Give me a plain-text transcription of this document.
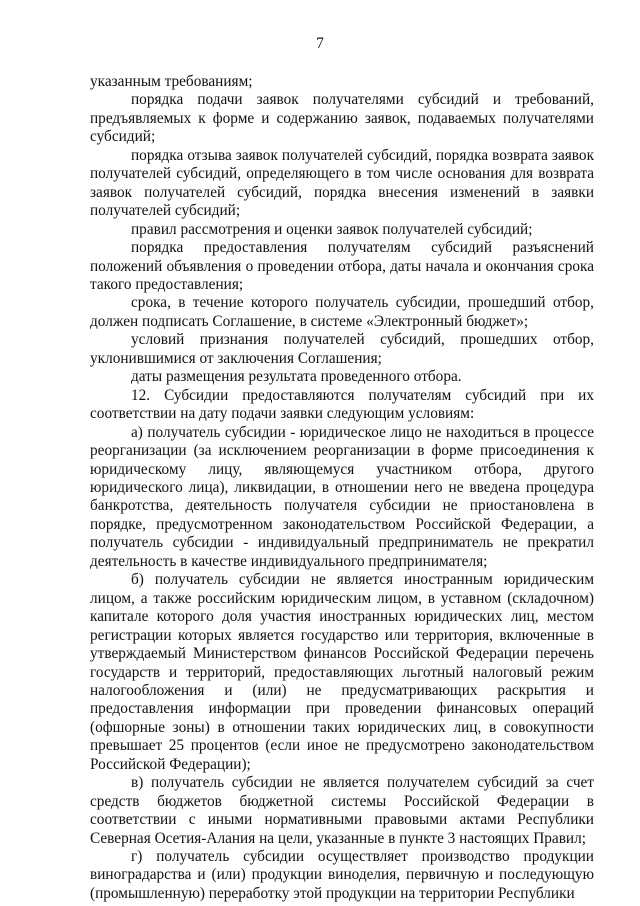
7

указанным требованиям;

порядка подачи заявок получателями субсидий и требований, предъявляемых к форме и содержанию заявок, подаваемых получателями субсидий;

порядка отзыва заявок получателей субсидий, порядка возврата заявок получателей субсидий, определяющего в том числе основания для возврата заявок получателей субсидий, порядка внесения изменений в заявки получателей субсидий;

правил рассмотрения и оценки заявок получателей субсидий;

порядка предоставления получателям субсидий разъяснений положений объявления о проведении отбора, даты начала и окончания срока такого предоставления;

срока, в течение которого получатель субсидии, прошедший отбор, должен подписать Соглашение, в системе «Электронный бюджет»;

условий признания получателей субсидий, прошедших отбор, уклонившимися от заключения Соглашения;

даты размещения результата проведенного отбора.

12. Субсидии предоставляются получателям субсидий при их соответствии на дату подачи заявки следующим условиям:

а) получатель субсидии - юридическое лицо не находиться в процессе реорганизации (за исключением реорганизации в форме присоединения к юридическому лицу, являющемуся участником отбора, другого юридического лица), ликвидации, в отношении него не введена процедура банкротства, деятельность получателя субсидии не приостановлена в порядке, предусмотренном законодательством Российской Федерации, а получатель субсидии - индивидуальный предприниматель не прекратил деятельность в качестве индивидуального предпринимателя;

б) получатель субсидии не является иностранным юридическим лицом, а также российским юридическим лицом, в уставном (складочном) капитале которого доля участия иностранных юридических лиц, местом регистрации которых является государство или территория, включенные в утверждаемый Министерством финансов Российской Федерации перечень государств и территорий, предоставляющих льготный налоговый режим налогообложения и (или) не предусматривающих раскрытия и предоставления информации при проведении финансовых операций (офшорные зоны) в отношении таких юридических лиц, в совокупности превышает 25 процентов (если иное не предусмотрено законодательством Российской Федерации);

в) получатель субсидии не является получателем субсидий за счет средств бюджетов бюджетной системы Российской Федерации в соответствии с иными нормативными правовыми актами Республики Северная Осетия-Алания на цели, указанные в пункте 3 настоящих Правил;

г) получатель субсидии осуществляет производство продукции виноградарства и (или) продукции виноделия, первичную и последующую (промышленную) переработку этой продукции на территории Республики
